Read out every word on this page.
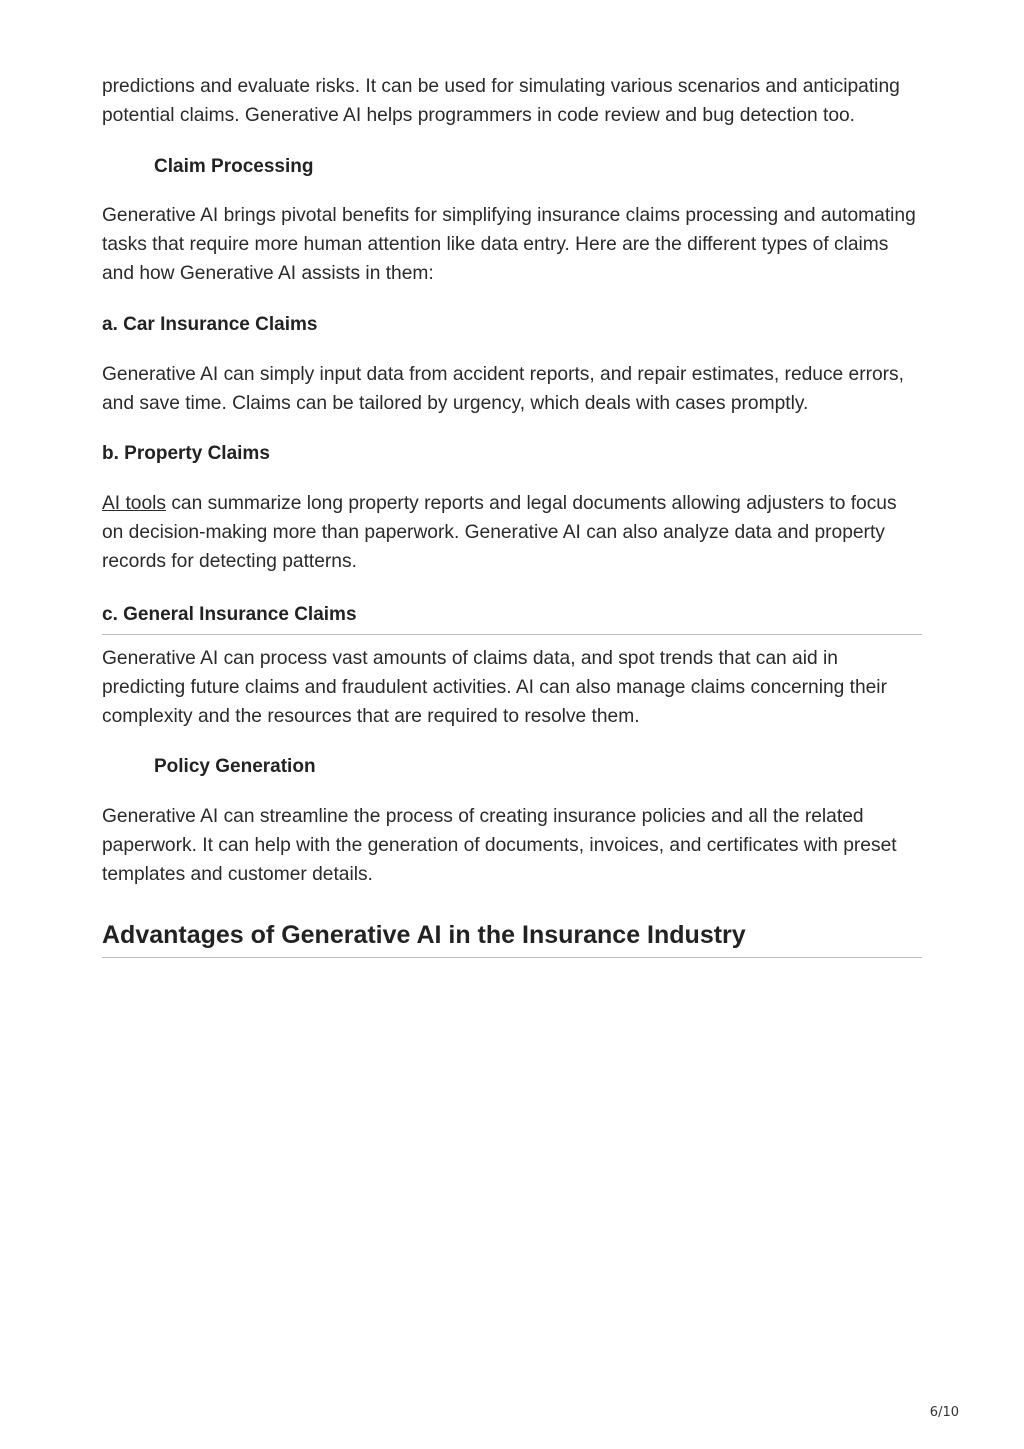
predictions and evaluate risks. It can be used for simulating various scenarios and anticipating potential claims. Generative AI helps programmers in code review and bug detection too.

Claim Processing

Generative AI brings pivotal benefits for simplifying insurance claims processing and automating tasks that require more human attention like data entry. Here are the different types of claims and how Generative AI assists in them:

a. Car Insurance Claims

Generative AI can simply input data from accident reports, and repair estimates, reduce errors, and save time. Claims can be tailored by urgency, which deals with cases promptly.

b. Property Claims

AI tools can summarize long property reports and legal documents allowing adjusters to focus on decision-making more than paperwork. Generative AI can also analyze data and property records for detecting patterns.

c. General Insurance Claims

Generative AI can process vast amounts of claims data, and spot trends that can aid in predicting future claims and fraudulent activities. AI can also manage claims concerning their complexity and the resources that are required to resolve them.

Policy Generation

Generative AI can streamline the process of creating insurance policies and all the related paperwork. It can help with the generation of documents, invoices, and certificates with preset templates and customer details.

Advantages of Generative AI in the Insurance Industry
6/10
